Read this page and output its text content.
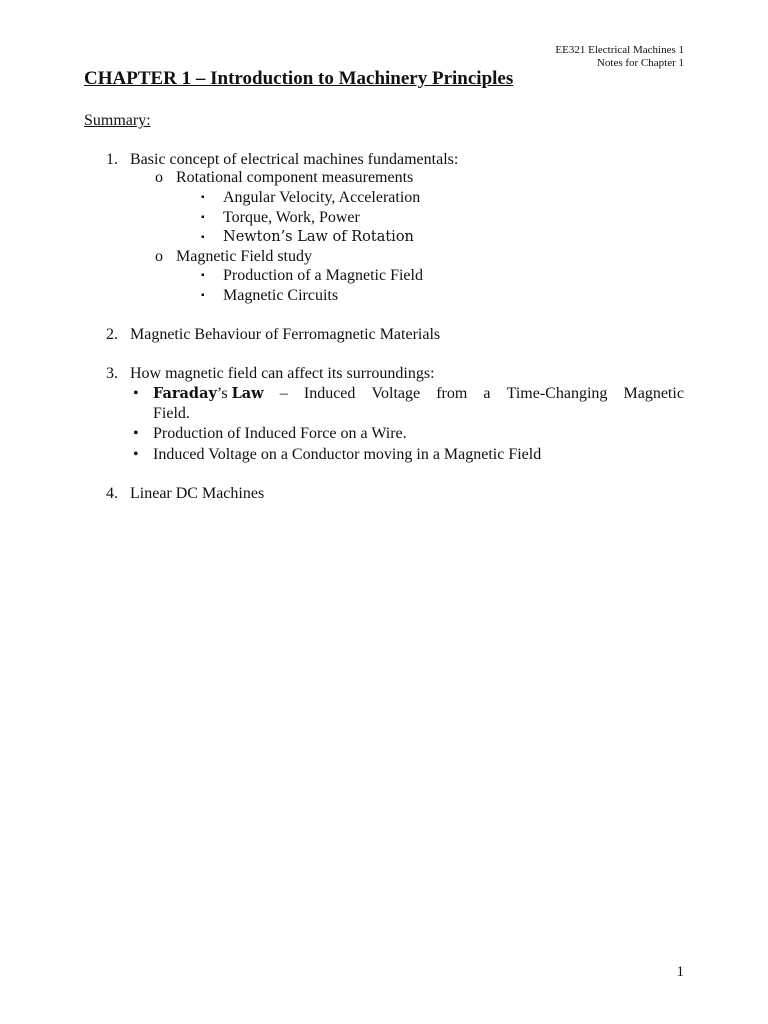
EE321 Electrical Machines 1
Notes for Chapter 1
CHAPTER 1 – Introduction to Machinery Principles
Summary:
1. Basic concept of electrical machines fundamentals:
o Rotational component measurements
▪ Angular Velocity, Acceleration
▪ Torque, Work, Power
▪ Newton’s Law of Rotation
o Magnetic Field study
▪ Production of a Magnetic Field
▪ Magnetic Circuits
2. Magnetic Behaviour of Ferromagnetic Materials
3. How magnetic field can affect its surroundings:
• Faraday’s Law – Induced Voltage from a Time-Changing Magnetic
Field.
• Production of Induced Force on a Wire.
• Induced Voltage on a Conductor moving in a Magnetic Field
4. Linear DC Machines
1
